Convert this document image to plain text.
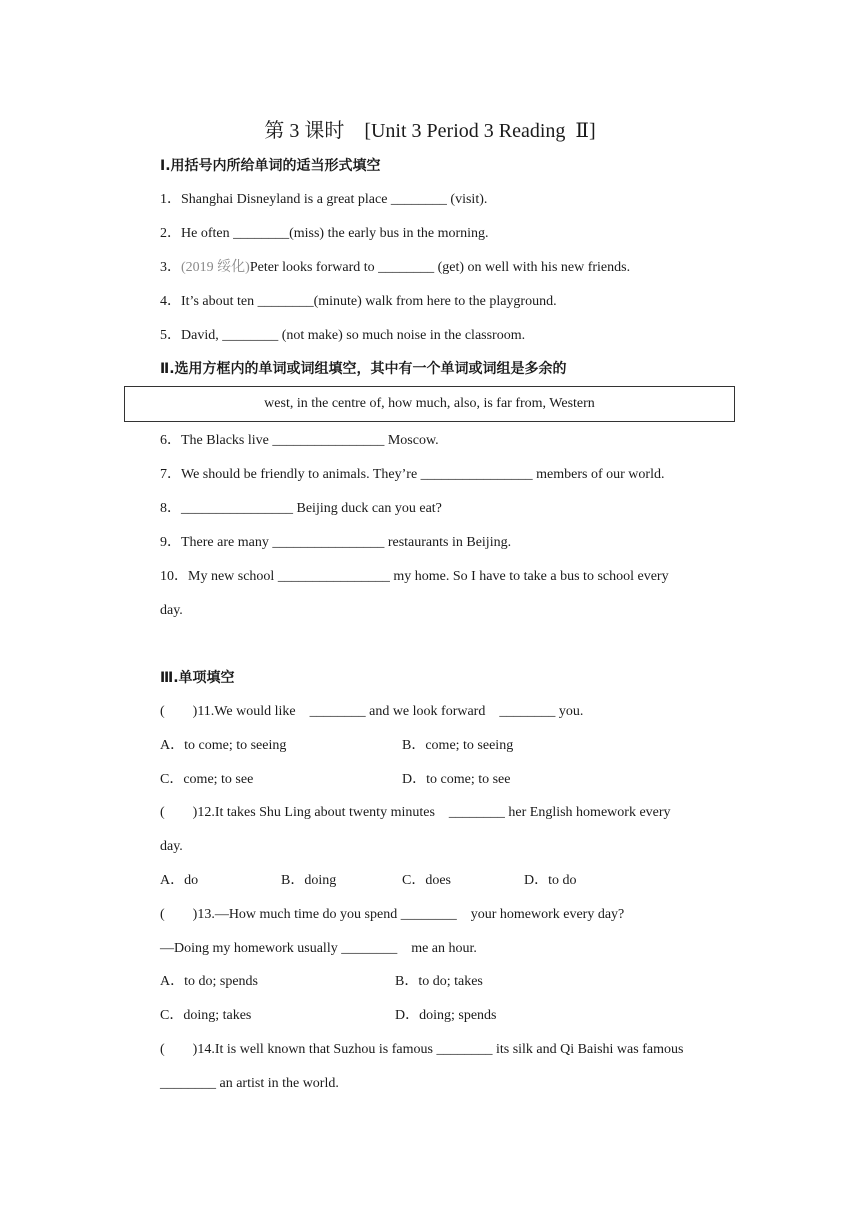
第 3 课时　[Unit 3 Period 3 Reading  Ⅱ]
Ⅰ.用括号内所给单词的适当形式填空
1．Shanghai Disneyland is a great place ________ (visit).
2．He often ________(miss) the early bus in the morning.
3．(2019 绥化)Peter looks forward to ________ (get) on well with his new friends.
4．It’s about ten ________(minute) walk from here to the playground.
5．David, ________ (not make) so much noise in the classroom.
Ⅱ.选用方框内的单词或词组填空，其中有一个单词或词组是多余的
west, in the centre of, how much, also, is far from, Western
6．The Blacks live ________________ Moscow.
7．We should be friendly to animals. They’re ________________ members of our world.
8．________________ Beijing duck can you eat?
9．There are many ________________ restaurants in Beijing.
10．My new school ________________ my home. So I have to take a bus to school every
day.
Ⅲ.单项填空
(　　)11.We would like    ________ and we look forward    ________ you.
A．to come; to seeing	B．come; to seeing
C．come; to see	D．to come; to see
(　　)12.It takes Shu Ling about twenty minutes    ________ her English homework every
day.
A．do	B．doing	C．does	D．to do
(　　)13.—How much time do you spend ________    your homework every day?
—Doing my homework usually ________    me an hour.
A．to do; spends	B．to do; takes
C．doing; takes	D．doing; spends
(　　)14.It is well known that Suzhou is famous ________ its silk and Qi Baishi was famous
________ an artist in the world.
